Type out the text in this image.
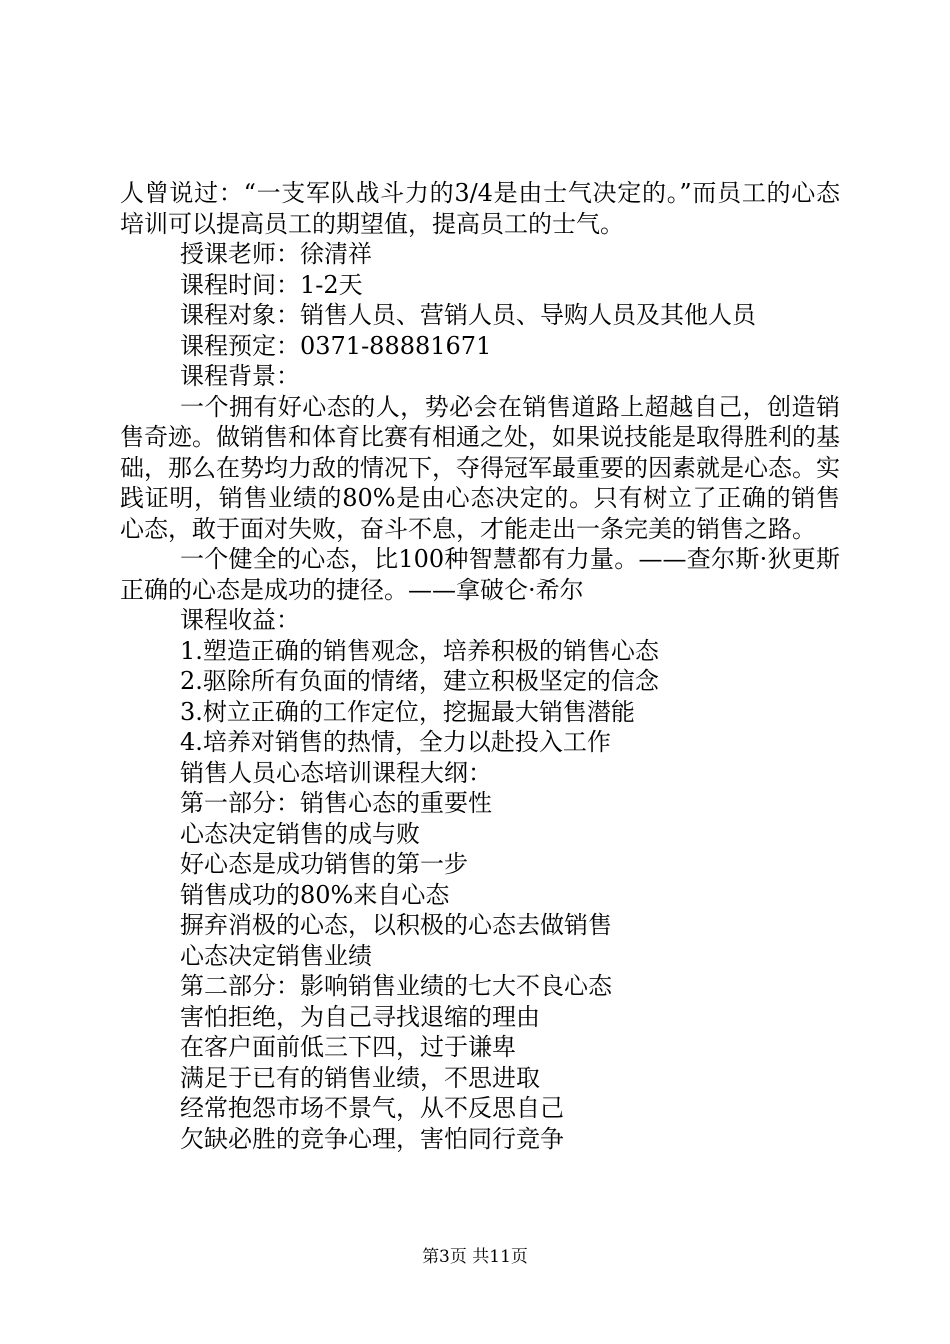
人曾说过：“一支军队战斗力的3/4是由士气决定的。”而员工的心态培训可以提高员工的期望值，提高员工的士气。

授课老师：徐清祥

课程时间：1-2天

课程对象：销售人员、营销人员、导购人员及其他人员

课程预定：0371-88881671

课程背景：

一个拥有好心态的人，势必会在销售道路上超越自己，创造销售奇迹。做销售和体育比赛有相通之处，如果说技能是取得胜利的基础，那么在势均力敌的情况下，夺得冠军最重要的因素就是心态。实践证明，销售业绩的80%是由心态决定的。只有树立了正确的销售心态，敢于面对失败，奋斗不息，才能走出一条完美的销售之路。

一个健全的心态，比100种智慧都有力量。——查尔斯·狄更斯正确的心态是成功的捷径。——拿破仑·希尔

课程收益：

1.塑造正确的销售观念，培养积极的销售心态

2.驱除所有负面的情绪，建立积极坚定的信念

3.树立正确的工作定位，挖掘最大销售潜能

4.培养对销售的热情，全力以赴投入工作

销售人员心态培训课程大纲：

第一部分：销售心态的重要性

心态决定销售的成与败

好心态是成功销售的第一步

销售成功的80%来自心态

摒弃消极的心态，以积极的心态去做销售

心态决定销售业绩

第二部分：影响销售业绩的七大不良心态

害怕拒绝，为自己寻找退缩的理由

在客户面前低三下四，过于谦卑

满足于已有的销售业绩，不思进取

经常抱怨市场不景气，从不反思自己

欠缺必胜的竞争心理，害怕同行竞争

第3页 共11页
